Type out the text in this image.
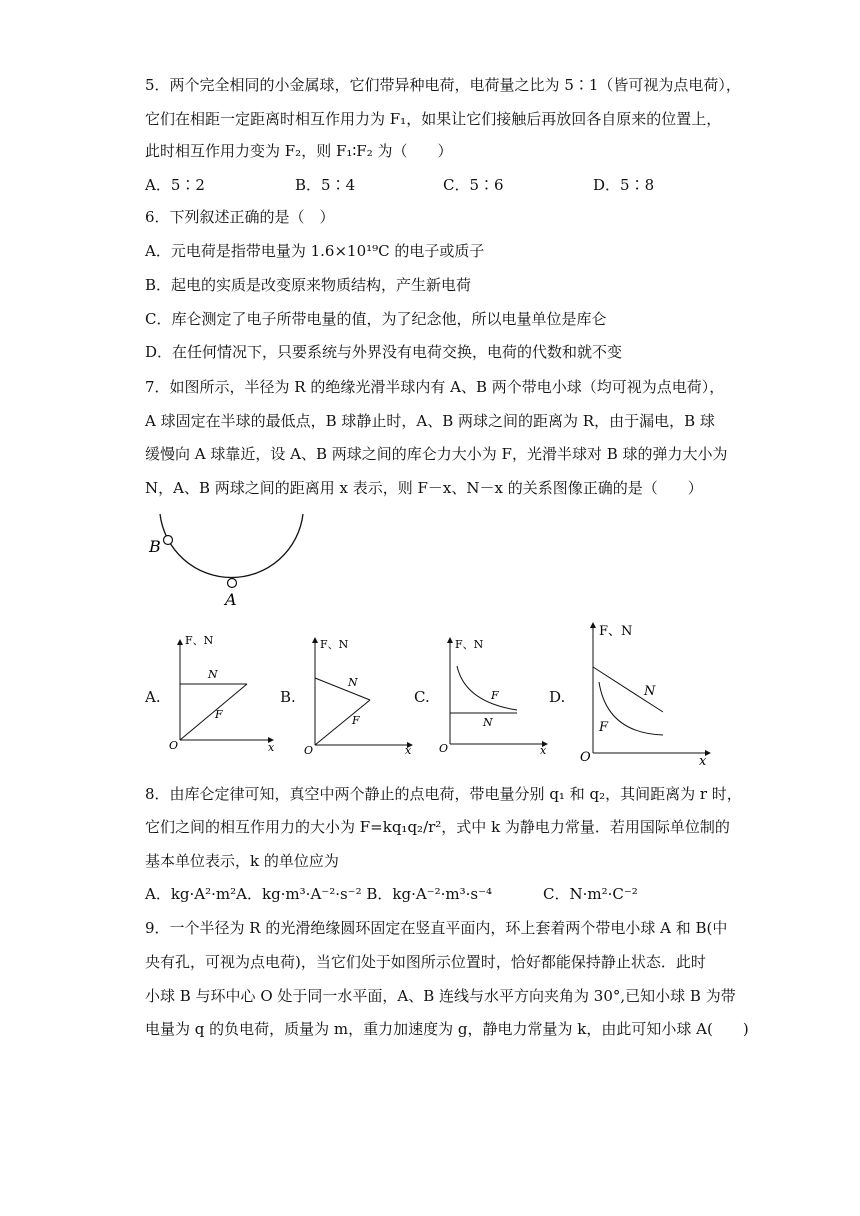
5．两个完全相同的小金属球，它们带异种电荷，电荷量之比为 5∶1（皆可视为点电荷），
它们在相距一定距离时相互作用力为 F₁，如果让它们接触后再放回各自原来的位置上，
此时相互作用力变为 F₂，则 F₁∶F₂ 为（　　）
A．5∶2	B．5∶4	C．5∶6	D．5∶8
6．下列叙述正确的是（　）
A．元电荷是指带电量为 1.6×10¹⁹C 的电子或质子
B．起电的实质是改变原来物质结构，产生新电荷
C．库仑测定了电子所带电量的值，为了纪念他，所以电量单位是库仑
D．在任何情况下，只要系统与外界没有电荷交换，电荷的代数和就不变
7．如图所示，半径为 R 的绝缘光滑半球内有 A、B 两个带电小球（均可视为点电荷），
A 球固定在半球的最低点，B 球静止时，A、B 两球之间的距离为 R，由于漏电，B 球
缓慢向 A 球靠近，设 A、B 两球之间的库仑力大小为 F，光滑半球对 B 球的弹力大小为
N，A、B 两球之间的距离用 x 表示，则 F－x、N－x 的关系图像正确的是（　　）
B
A
A.	B.	C.	D.
F、N
x
O
N
F
F、N
x
O
N
F
F、N
x
O
F
N
F、N
x
O
N
F
8．由库仑定律可知，真空中两个静止的点电荷，带电量分别 q₁ 和 q₂，其间距离为 r 时，
它们之间的相互作用力的大小为 F=kq₁q₂/r²，式中 k 为静电力常量．若用国际单位制的
基本单位表示，k 的单位应为
A．kg·A²·m²A．kg·m³·A⁻²·s⁻² B．kg·A⁻²·m³·s⁻⁴	C．N·m²·C⁻²
9．一个半径为 R 的光滑绝缘圆环固定在竖直平面内，环上套着两个带电小球 A 和 B(中
央有孔，可视为点电荷)，当它们处于如图所示位置时，恰好都能保持静止状态．此时
小球 B 与环中心 O 处于同一水平面，A、B 连线与水平方向夹角为 30°,已知小球 B 为带
电量为 q 的负电荷，质量为 m，重力加速度为 g，静电力常量为 k，由此可知小球 A(　　)
